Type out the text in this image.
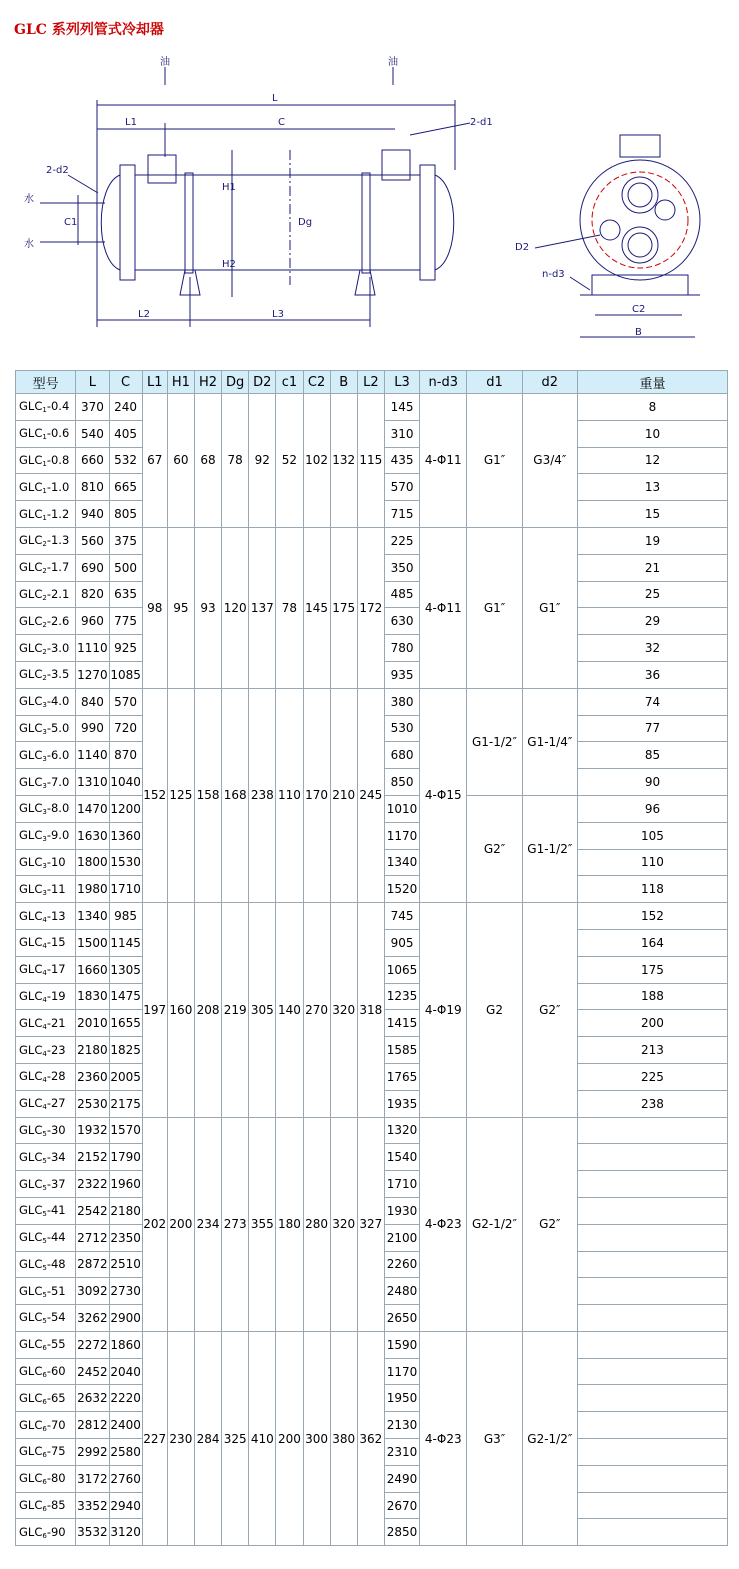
GLC 系列列管式冷却器
油	油
水
水
L
L1	C	2-d1
2-d2
H1
H2
Dg
C1
L2	L3
D2
n-d3
C2
B
型号	L	C	L1	H1	H2	Dg	D2	c1	C2	B	L2	L3	n-d3	d1	d2	重量
$GLC_1-0.4$	370	240	67	60	68	78	92	52	102	132	115	145	4-Φ11	G1″	G3/4″	8
$GLC_1-0.6$	540	405										310				10
$GLC_1-0.8$	660	532										435				12
$GLC_1-1.0$	810	665										570				13
$GLC_1-1.2$	940	805										715				15
$GLC_2-1.3$	560	375	98	95	93	120	137	78	145	175	172	225	4-Φ11	G1″	G1″	19
$GLC_2-1.7$	690	500										350				21
$GLC_2-2.1$	820	635										485				25
$GLC_2-2.6$	960	775										630				29
$GLC_2-3.0$	1110	925										780				32
$GLC_2-3.5$	1270	1085										935				36
$GLC_3-4.0$	840	570	152	125	158	168	238	110	170	210	245	380	4-Φ15	G1-1/2″	G1-1/4″	74
$GLC_3-5.0$	990	720										530				77
$GLC_3-6.0$	1140	870										680				85
$GLC_3-7.0$	1310	1040										850				90
$GLC_3-8.0$	1470	1200										1010		G2″	G1-1/2″	96
$GLC_3-9.0$	1630	1360										1170				105
$GLC_3-10$	1800	1530										1340				110
$GLC_3-11$	1980	1710										1520				118
$GLC_4-13$	1340	985	197	160	208	219	305	140	270	320	318	745	4-Φ19	G2	G2″	152
$GLC_4-15$	1500	1145										905				164
$GLC_4-17$	1660	1305										1065				175
$GLC_4-19$	1830	1475										1235				188
$GLC_4-21$	2010	1655										1415				200
$GLC_4-23$	2180	1825										1585				213
$GLC_4-28$	2360	2005										1765				225
$GLC_4-27$	2530	2175										1935				238
$GLC_5-30$	1932	1570	202	200	234	273	355	180	280	320	327	1320	4-Φ23	G2-1/2″	G2″	
$GLC_5-34$	2152	1790										1540				
$GLC_5-37$	2322	1960										1710				
$GLC_5-41$	2542	2180										1930				
$GLC_5-44$	2712	2350										2100				
$GLC_5-48$	2872	2510										2260				
$GLC_5-51$	3092	2730										2480				
$GLC_5-54$	3262	2900										2650				
$GLC_6-55$	2272	1860	227	230	284	325	410	200	300	380	362	1590	4-Φ23	G3″	G2-1/2″	
$GLC_6-60$	2452	2040										1170				
$GLC_6-65$	2632	2220										1950				
$GLC_6-70$	2812	2400										2130				
$GLC_6-75$	2992	2580										2310				
$GLC_6-80$	3172	2760										2490				
$GLC_6-85$	3352	2940										2670				
$GLC_6-90$	3532	3120										2850				
